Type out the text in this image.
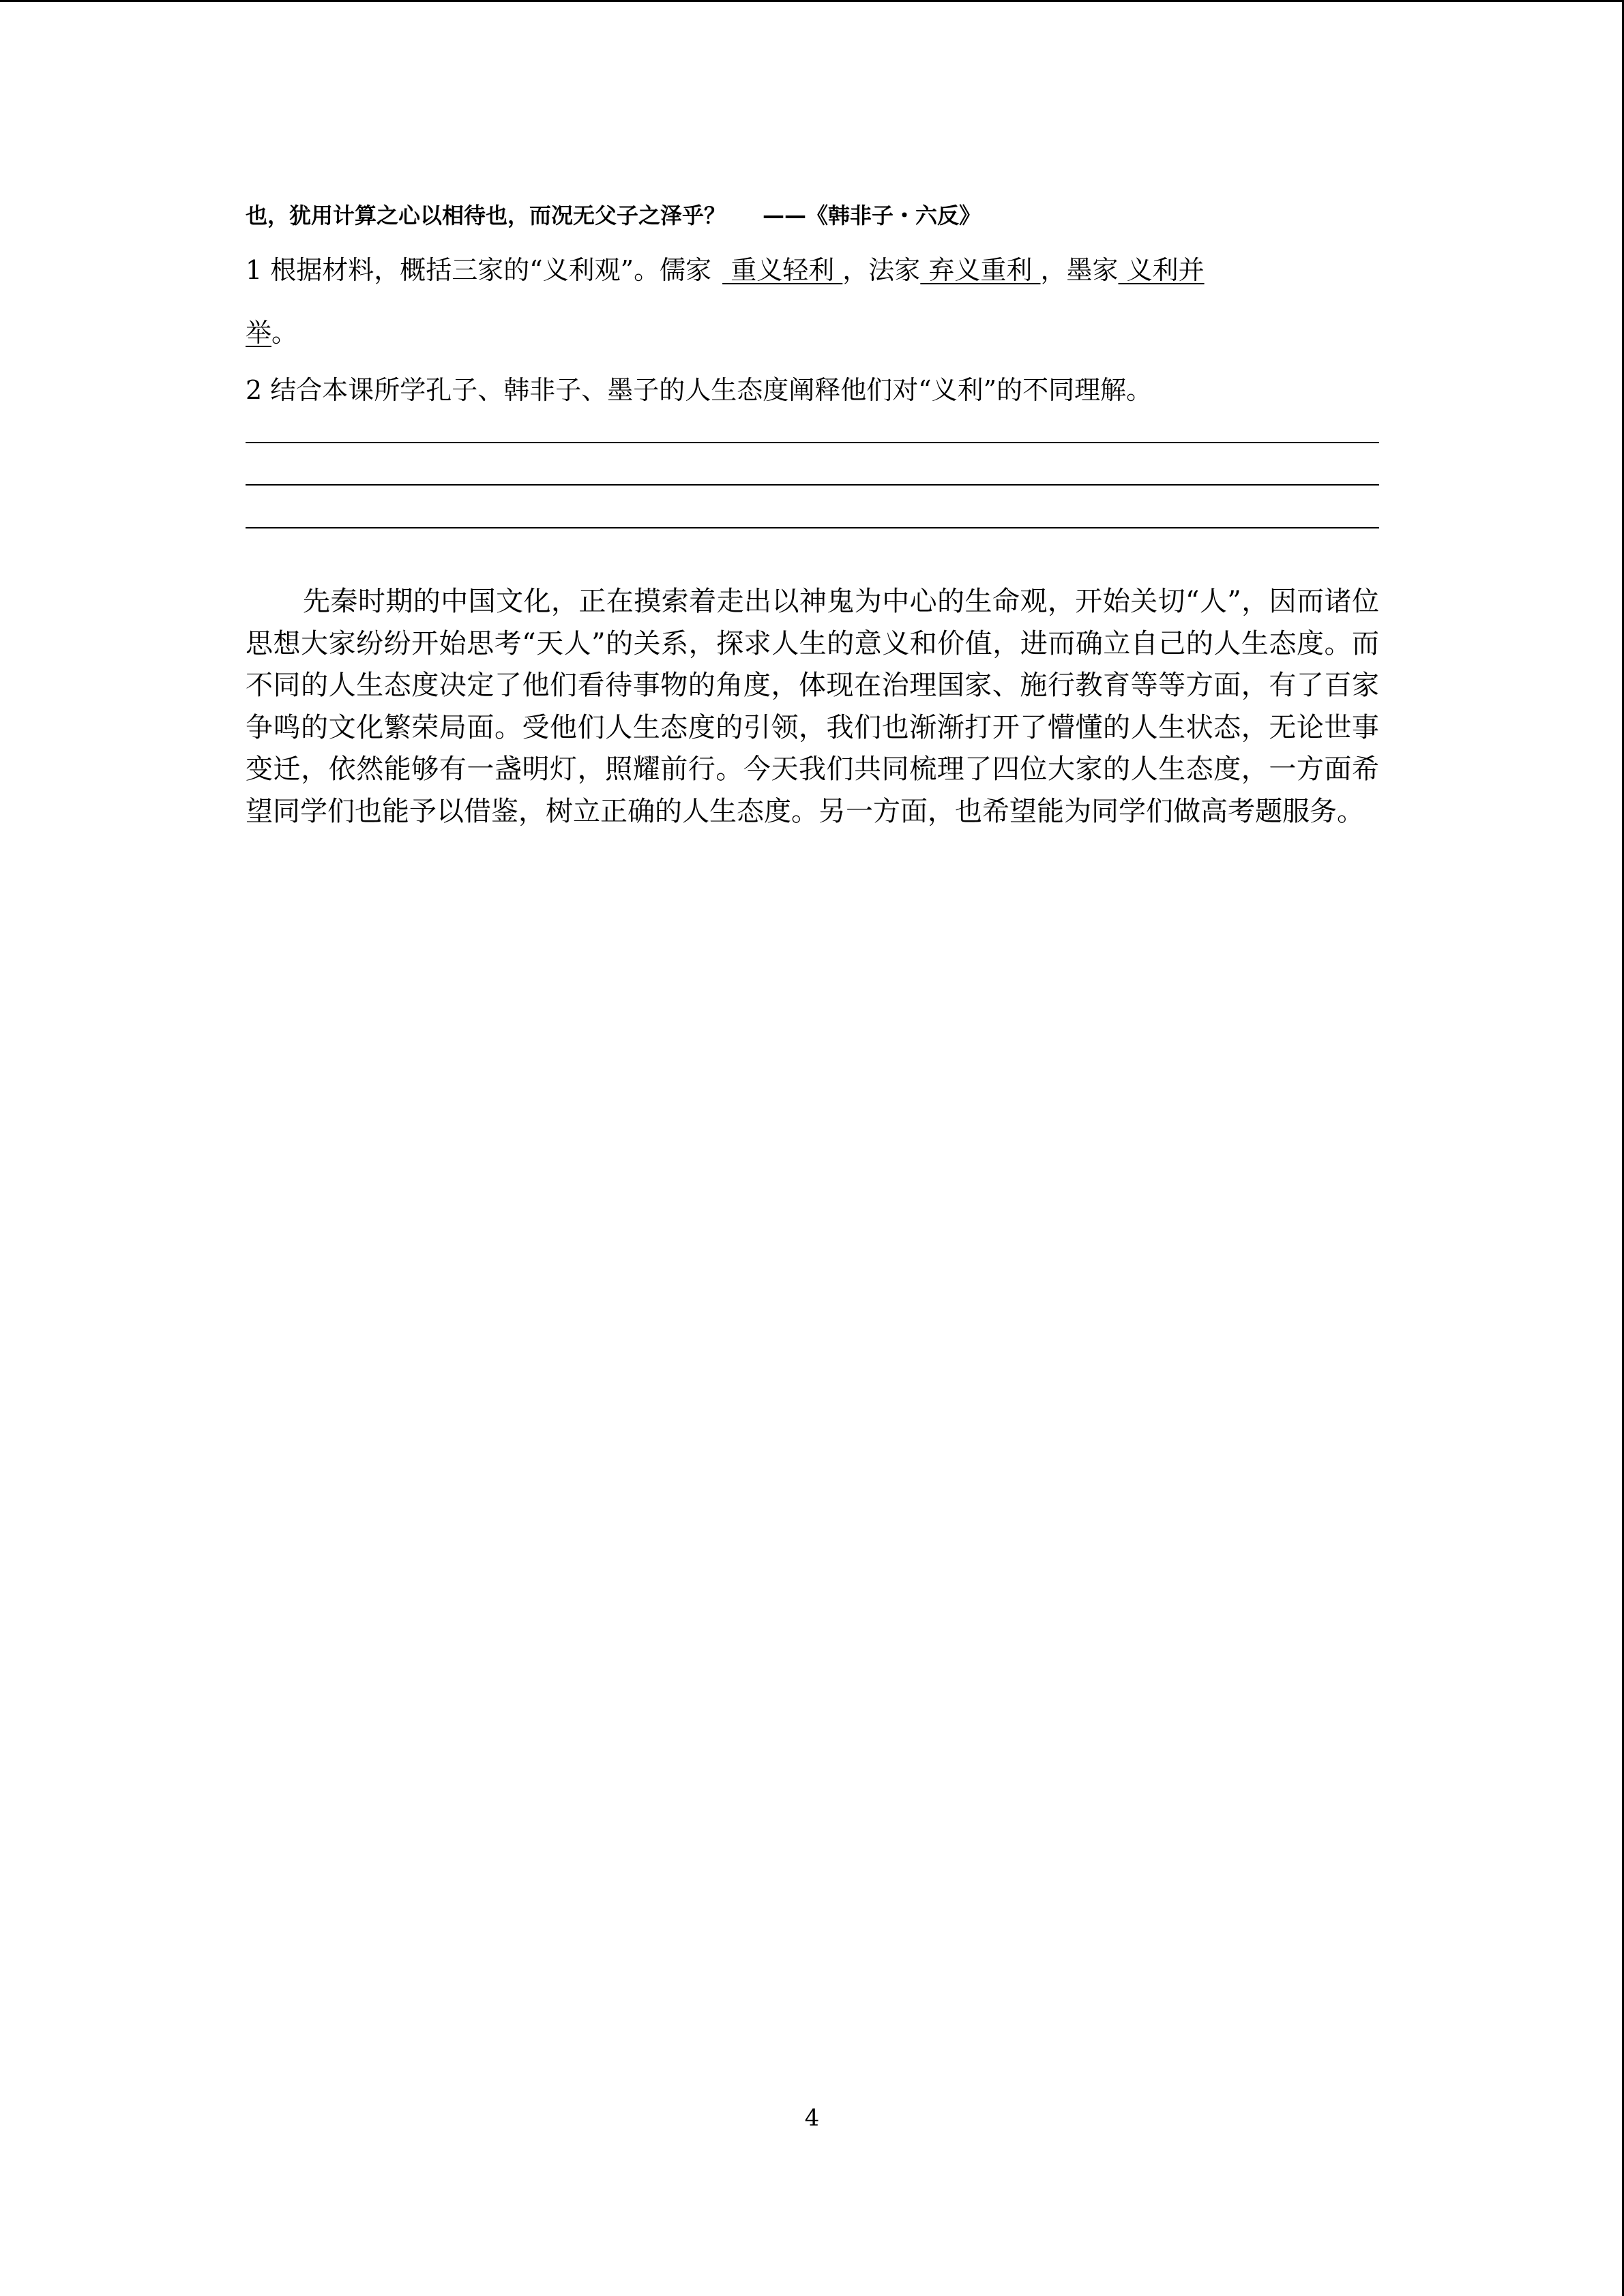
也，犹用计算之心以相待也，而况无父子之泽乎？ ——《韩非子・六反》
1 根据材料，概括三家的“义利观”。儒家 重义轻利 ，法家 弃义重利 ，墨家 义利并
举。
2 结合本课所学孔子、韩非子、墨子的人生态度阐释他们对“义利”的不同理解。

先秦时期的中国文化，正在摸索着走出以神鬼为中心的生命观，开始关切“人”，因而诸位思想大家纷纷开始思考“天人”的关系，探求人生的意义和价值，进而确立自己的人生态度。而不同的人生态度决定了他们看待事物的角度，体现在治理国家、施行教育等等方面，有了百家争鸣的文化繁荣局面。受他们人生态度的引领，我们也渐渐打开了懵懂的人生状态，无论世事变迁，依然能够有一盏明灯，照耀前行。今天我们共同梳理了四位大家的人生态度，一方面希望同学们也能予以借鉴，树立正确的人生态度。另一方面，也希望能为同学们做高考题服务。

4
